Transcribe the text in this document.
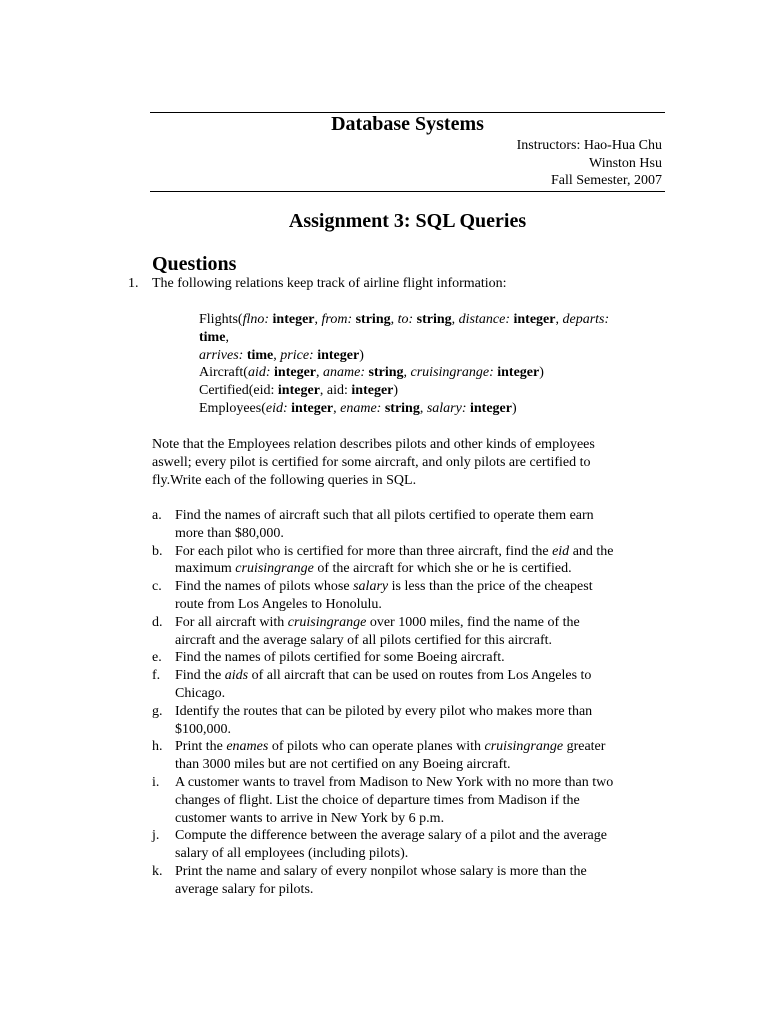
Database Systems
Instructors: Hao-Hua Chu
Winston Hsu
Fall Semester, 2007
Assignment 3: SQL Queries
Questions
1. The following relations keep track of airline flight information:
Flights(flno: integer, from: string, to: string, distance: integer, departs:
time,
arrives: time, price: integer)
Aircraft(aid: integer, aname: string, cruisingrange: integer)
Certified(eid: integer, aid: integer)
Employees(eid: integer, ename: string, salary: integer)
Note that the Employees relation describes pilots and other kinds of employees
aswell; every pilot is certified for some aircraft, and only pilots are certified to
fly.Write each of the following queries in SQL.
a. Find the names of aircraft such that all pilots certified to operate them earn
more than $80,000.
b. For each pilot who is certified for more than three aircraft, find the eid and the
maximum cruisingrange of the aircraft for which she or he is certified.
c. Find the names of pilots whose salary is less than the price of the cheapest
route from Los Angeles to Honolulu.
d. For all aircraft with cruisingrange over 1000 miles, find the name of the
aircraft and the average salary of all pilots certified for this aircraft.
e. Find the names of pilots certified for some Boeing aircraft.
f. Find the aids of all aircraft that can be used on routes from Los Angeles to
Chicago.
g. Identify the routes that can be piloted by every pilot who makes more than
$100,000.
h. Print the enames of pilots who can operate planes with cruisingrange greater
than 3000 miles but are not certified on any Boeing aircraft.
i. A customer wants to travel from Madison to New York with no more than two
changes of flight. List the choice of departure times from Madison if the
customer wants to arrive in New York by 6 p.m.
j. Compute the difference between the average salary of a pilot and the average
salary of all employees (including pilots).
k. Print the name and salary of every nonpilot whose salary is more than the
average salary for pilots.
